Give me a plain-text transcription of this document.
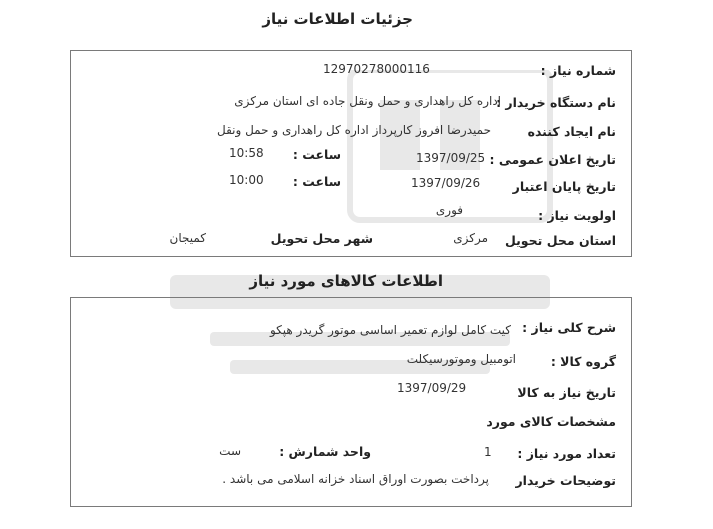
جزئیات اطلاعات نیاز
شماره نیاز :
12970278000116
نام دستگاه خریدار :
اداره کل راهداری و حمل ونقل جاده ای استان مرکزی
نام ایجاد کننده
حمیدرضا افروز کارپرداز اداره کل راهداری و حمل ونقل
تاریخ اعلان عمومی :
1397/09/25
ساعت :
10:58
تاریخ پایان اعتبار
1397/09/26
ساعت :
10:00
اولویت نیاز :
فوری
استان محل تحویل
مرکزی
شهر محل تحویل
کمیجان
اطلاعات کالاهای مورد نیاز
شرح کلی نیاز :
کیت کامل لوازم تعمیر اساسی موتور گریدر هپکو
گروه کالا :
اتومبیل وموتورسیکلت
تاریخ نیاز به کالا
1397/09/29
مشخصات کالای مورد
تعداد مورد نیاز :
1
واحد شمارش :
ست
توضیحات خریدار
پرداخت بصورت اوراق اسناد خزانه اسلامی می باشد .
